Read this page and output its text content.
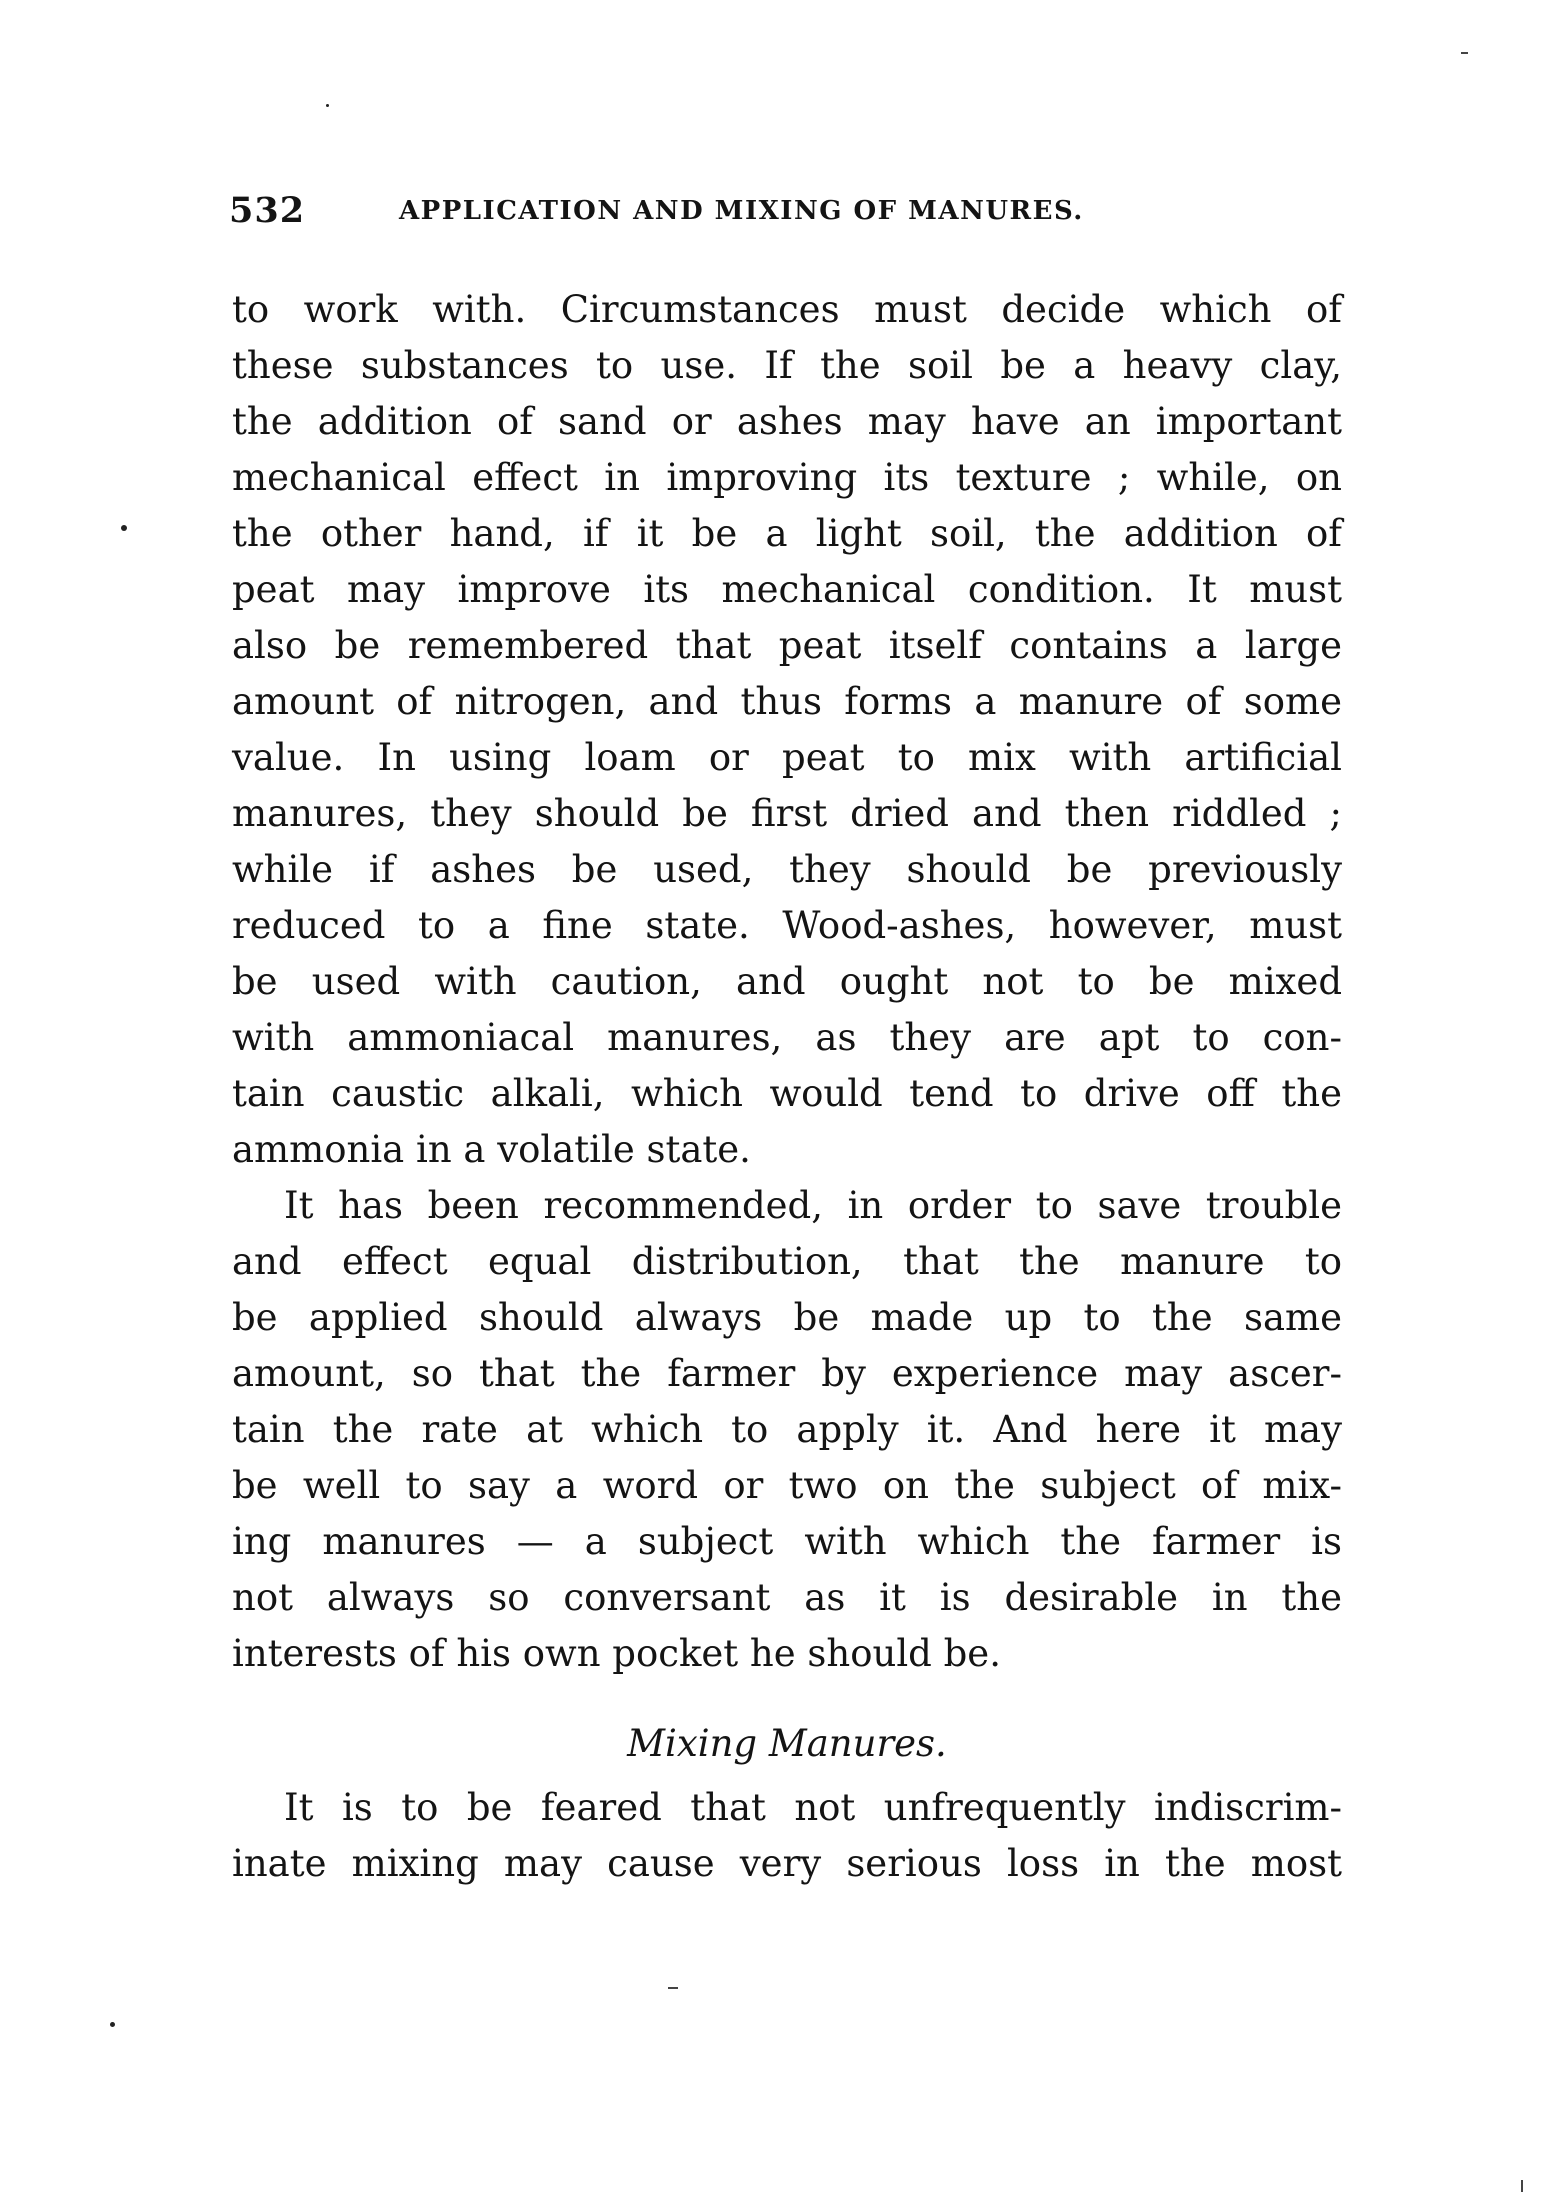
532	APPLICATION AND MIXING OF MANURES.
to work with. Circumstances must decide which of
these substances to use. If the soil be a heavy clay,
the addition of sand or ashes may have an important
mechanical effect in improving its texture ; while, on
the other hand, if it be a light soil, the addition of
peat may improve its mechanical condition. It must
also be remembered that peat itself contains a large
amount of nitrogen, and thus forms a manure of some
value. In using loam or peat to mix with artificial
manures, they should be first dried and then riddled ;
while if ashes be used, they should be previously
reduced to a fine state. Wood-ashes, however, must
be used with caution, and ought not to be mixed
with ammoniacal manures, as they are apt to con-
tain caustic alkali, which would tend to drive off the
ammonia in a volatile state.
It has been recommended, in order to save trouble
and effect equal distribution, that the manure to
be applied should always be made up to the same
amount, so that the farmer by experience may ascer-
tain the rate at which to apply it. And here it may
be well to say a word or two on the subject of mix-
ing manures — a subject with which the farmer is
not always so conversant as it is desirable in the
interests of his own pocket he should be.
Mixing Manures.
It is to be feared that not unfrequently indiscrim-
inate mixing may cause very serious loss in the most
